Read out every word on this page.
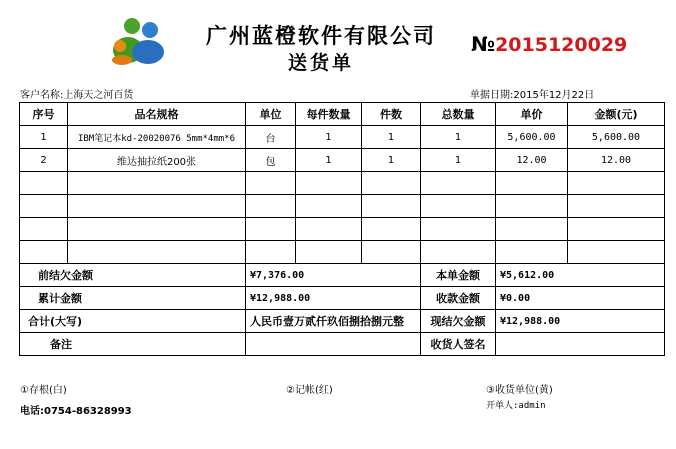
广州蓝橙软件有限公司
送货单
№2015120029
客户名称:上海天之河百货	单据日期:2015年12月22日
序号	品名规格	单位	每件数量	件数	总数量	单价	金额(元)
1	IBM笔记本kd-20020076 5mm*4mm*6	台	1	1	1	5,600.00	5,600.00
2	维达抽拉纸200张	包	1	1	1	12.00	12.00

前结欠金额		¥7,376.00			本单金额	¥5,612.00	
累计金额		¥12,988.00			收款金额	¥0.00	
合计(大写)		人民币壹万贰仟玖佰捌拾捌元整			现结欠金额	¥12,988.00	
备注					收货人签名		
①存根(白)	②记帐(红)	③收货单位(黄)
电话:0754-86328993	开单人:admin
